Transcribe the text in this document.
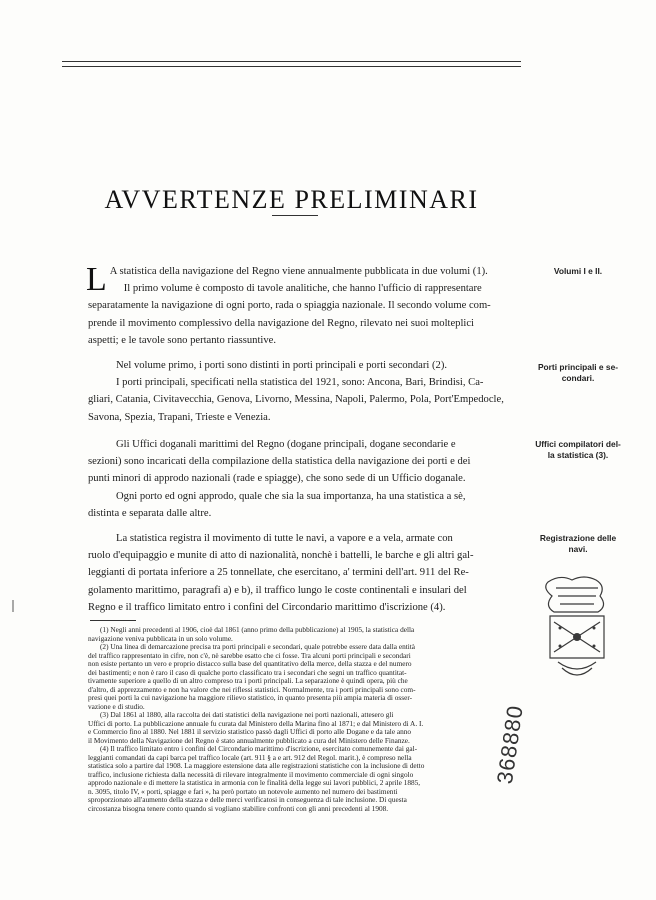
AVVERTENZE PRELIMINARI
L A statistica della navigazione del Regno viene annualmente pubblicata in due volumi (1).
Il primo volume è composto di tavole analitiche, che hanno l'ufficio di rappresentare
separatamente la navigazione di ogni porto, rada o spiaggia nazionale. Il secondo volume com-
prende il movimento complessivo della navigazione del Regno, rilevato nei suoi molteplici
aspetti; e le tavole sono pertanto riassuntive.
Nel volume primo, i porti sono distinti in porti principali e porti secondari (2).
I porti principali, specificati nella statistica del 1921, sono: Ancona, Bari, Brindisi, Ca-
gliari, Catania, Civitavecchia, Genova, Livorno, Messina, Napoli, Palermo, Pola, Port'Empedocle,
Savona, Spezia, Trapani, Trieste e Venezia.
Gli Uffici doganali marittimi del Regno (dogane principali, dogane secondarie e
sezioni) sono incaricati della compilazione della statistica della navigazione dei porti e dei
punti minori di approdo nazionali (rade e spiagge), che sono sede di un Ufficio doganale.
Ogni porto ed ogni approdo, quale che sia la sua importanza, ha una statistica a sè,
distinta e separata dalle altre.
La statistica registra il movimento di tutte le navi, a vapore e a vela, armate con
ruolo d'equipaggio e munite di atto di nazionalità, nonchè i battelli, le barche e gli altri gal-
leggianti di portata inferiore a 25 tonnellate, che esercitano, a' termini dell'art. 911 del Re-
golamento marittimo, paragrafi a) e b), il traffico lungo le coste continentali e insulari del
Regno e il traffico limitato entro i confini del Circondario marittimo d'iscrizione (4).
Volumi I e II.
Porti principali e se-
condari.
Uffici compilatori del-
la statistica (3).
Registrazione delle
navi.
(1) Negli anni precedenti al 1906, cioè dal 1861 (anno primo della pubblicazione) al 1905, la statistica della
navigazione veniva pubblicata in un solo volume.
(2) Una linea di demarcazione precisa tra porti principali e secondari, quale potrebbe essere data dalla entità
del traffico rappresentato in cifre, non c'è, nè sarebbe esatto che ci fosse. Tra alcuni porti principali e secondari
non esiste pertanto un vero e proprio distacco sulla base del quantitativo della merce, della stazza e del numero
dei bastimenti; e non è raro il caso di qualche porto classificato tra i secondari che segni un traffico quantitat-
tivamente superiore a quello di un altro compreso tra i porti principali. La separazione è quindi opera, più che
d'altro, di apprezzamento e non ha valore che nei riflessi statistici. Normalmente, tra i porti principali sono com-
presi quei porti la cui navigazione ha maggiore rilievo statistico, in quanto presenta più ampia materia di osser-
vazione e di studio.
(3) Dal 1861 al 1880, alla raccolta dei dati statistici della navigazione nei porti nazionali, attesero gli
Uffici di porto. La pubblicazione annuale fu curata dal Ministero della Marina fino al 1871; e dal Ministero di A. I.
e Commercio fino al 1880. Nel 1881 il servizio statistico passò dagli Uffici di porto alle Dogane e da tale anno
il Movimento della Navigazione del Regno è stato annualmente pubblicato a cura del Ministero delle Finanze.
(4) Il traffico limitato entro i confini del Circondario marittimo d'iscrizione, esercitato comunemente dai gal-
leggianti comandati da capi barca pel traffico locale (art. 911 § a e art. 912 del Regol. marit.), è compreso nella
statistica solo a partire dal 1908. La maggiore estensione data alle registrazioni statistiche con la inclusione di detto
traffico, inclusione richiesta dalla necessità di rilevare integralmente il movimento commerciale di ogni singolo
approdo nazionale e di mettere la statistica in armonia con le finalità della legge sui lavori pubblici, 2 aprile 1885,
n. 3095, titolo IV, « porti, spiagge e fari », ha però portato un notevole aumento nel numero dei bastimenti
sproporzionato all'aumento della stazza e delle merci verificatosi in conseguenza di tale inclusione. Di questa
circostanza bisogna tenere conto quando si vogliano stabilire confronti con gli anni precedenti al 1908.
368880
